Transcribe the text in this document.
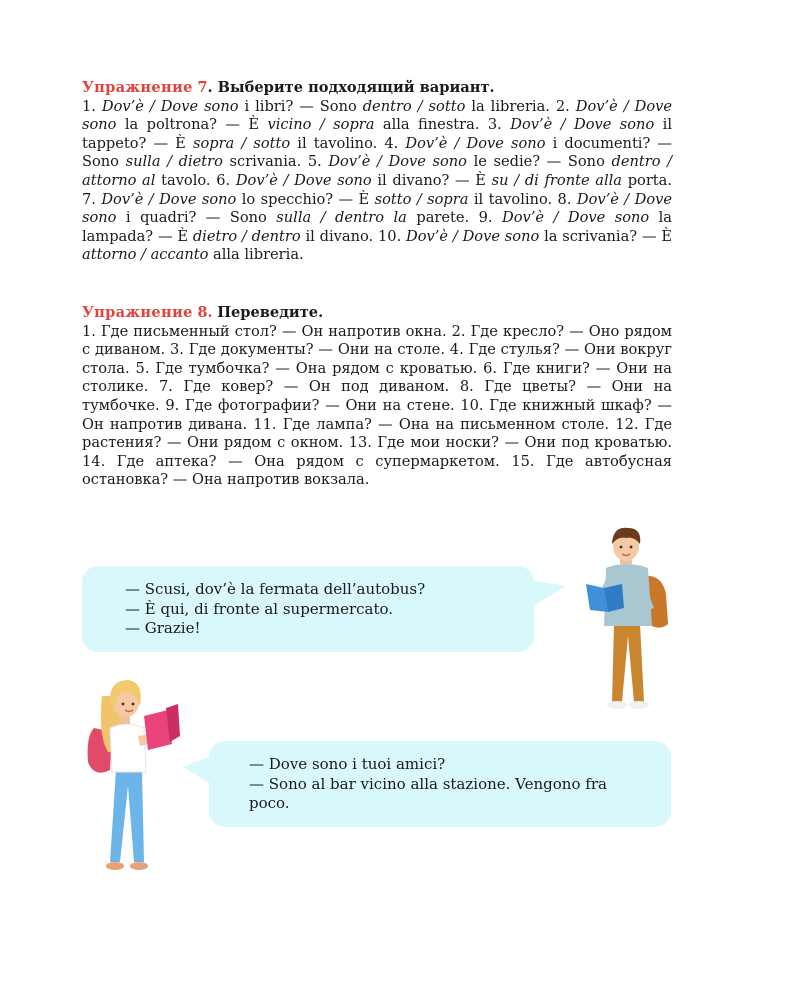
Упражнение 7. Выберите подходящий вариант.

1. Dov’è / Dove sono i libri? — Sono dentro / sotto la libreria. 2. Dov’è / Dove sono la poltrona? — È vicino / sopra alla finestra. 3. Dov’è / Dove sono il tappeto? — È sopra / sotto il tavolino. 4. Dov’è / Dove sono i documenti? — Sono sulla / dietro scrivania. 5. Dov’è / Dove sono le sedie? — Sono dentro / attorno al tavolo. 6. Dov’è / Dove sono il divano? — È su / di fronte alla porta. 7. Dov’è / Dove sono lo specchio? — È sotto / sopra il tavolino. 8. Dov’è / Dove sono i quadri? — Sono sulla / dentro la parete. 9. Dov’è / Dove sono la lampada? — È dietro / dentro il divano. 10. Dov’è / Dove sono la scrivania? — È attorno / accanto alla libreria.

Упражнение 8. Переведите.

1. Где письменный стол? — Он напротив окна. 2. Где кресло? — Оно рядом с диваном. 3. Где документы? — Они на столе. 4. Где стулья? — Они вокруг стола. 5. Где тумбочка? — Она рядом с кроватью. 6. Где книги? — Они на столике. 7. Где ковер? — Он под диваном. 8. Где цветы? — Они на тумбочке. 9. Где фотографии? — Они на стене. 10. Где книжный шкаф? — Он напротив дивана. 11. Где лампа? — Она на письменном столе. 12. Где растения? — Они рядом с окном. 13. Где мои носки? — Они под кроватью. 14. Где аптека? — Она рядом с супермаркетом. 15. Где автобусная остановка? — Она напротив вокзала.

— Scusi, dov’è la fermata dell’autobus?
— È qui, di fronte al supermercato.
— Grazie!
— Dove sono i tuoi amici?
— Sono al bar vicino alla stazione. Vengono fra poco.
